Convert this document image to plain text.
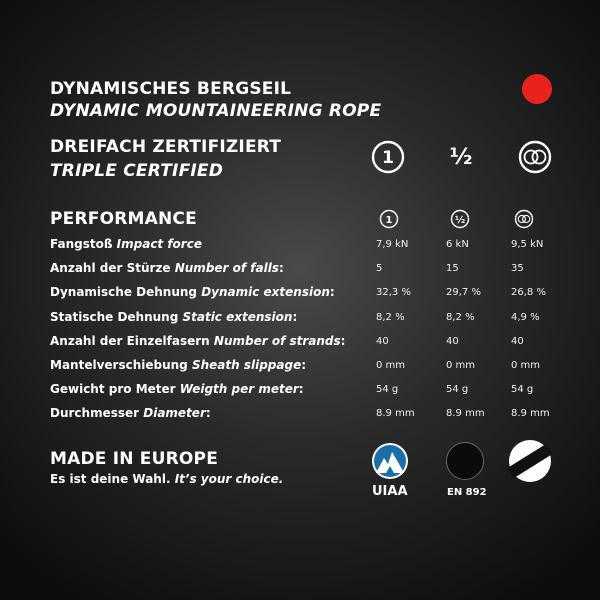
DYNAMISCHES BERGSEIL
DYNAMIC MOUNTAINEERING ROPE
DREIFACH ZERTIFIZIERT
TRIPLE CERTIFIED
1	½
PERFORMANCE	1	½
Fangstoß Impact force	7,9 kN	6 kN	9,5 kN
Anzahl der Stürze Number of falls:	5	15	35
Dynamische Dehnung Dynamic extension:	32,3 %	29,7 %	26,8 %
Statische Dehnung Static extension:	8,2 %	8,2 %	4,9 %
Anzahl der Einzelfasern Number of strands:	40	40	40
Mantelverschiebung Sheath slippage:	0 mm	0 mm	0 mm
Gewicht pro Meter Weigth per meter:	54 g	54 g	54 g
Durchmesser Diameter:	8.9 mm	8.9 mm	8.9 mm
MADE IN EUROPE
Es ist deine Wahl. It’s your choice.
UIAA	EN 892
FRANCE
